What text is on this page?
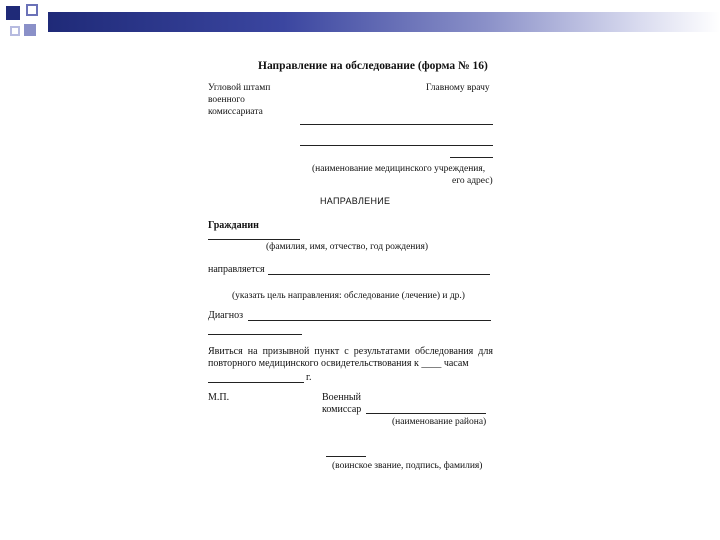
Направление на обследование (форма № 16)
Угловой штамп
военного
комиссариата
Главному врачу
(наименование медицинского учреждения,
его адрес)
НАПРАВЛЕНИЕ
Гражданин
(фамилия, имя, отчество, год рождения)
направляется
(указать цель направления: обследование (лечение) и др.)
Диагноз
Явиться на призывной пункт с результатами обследования для повторного медицинского освидетельствования к ____ часам
г.
М.П.	Военный
комиссар
(наименование района)
(воинское звание, подпись, фамилия)
